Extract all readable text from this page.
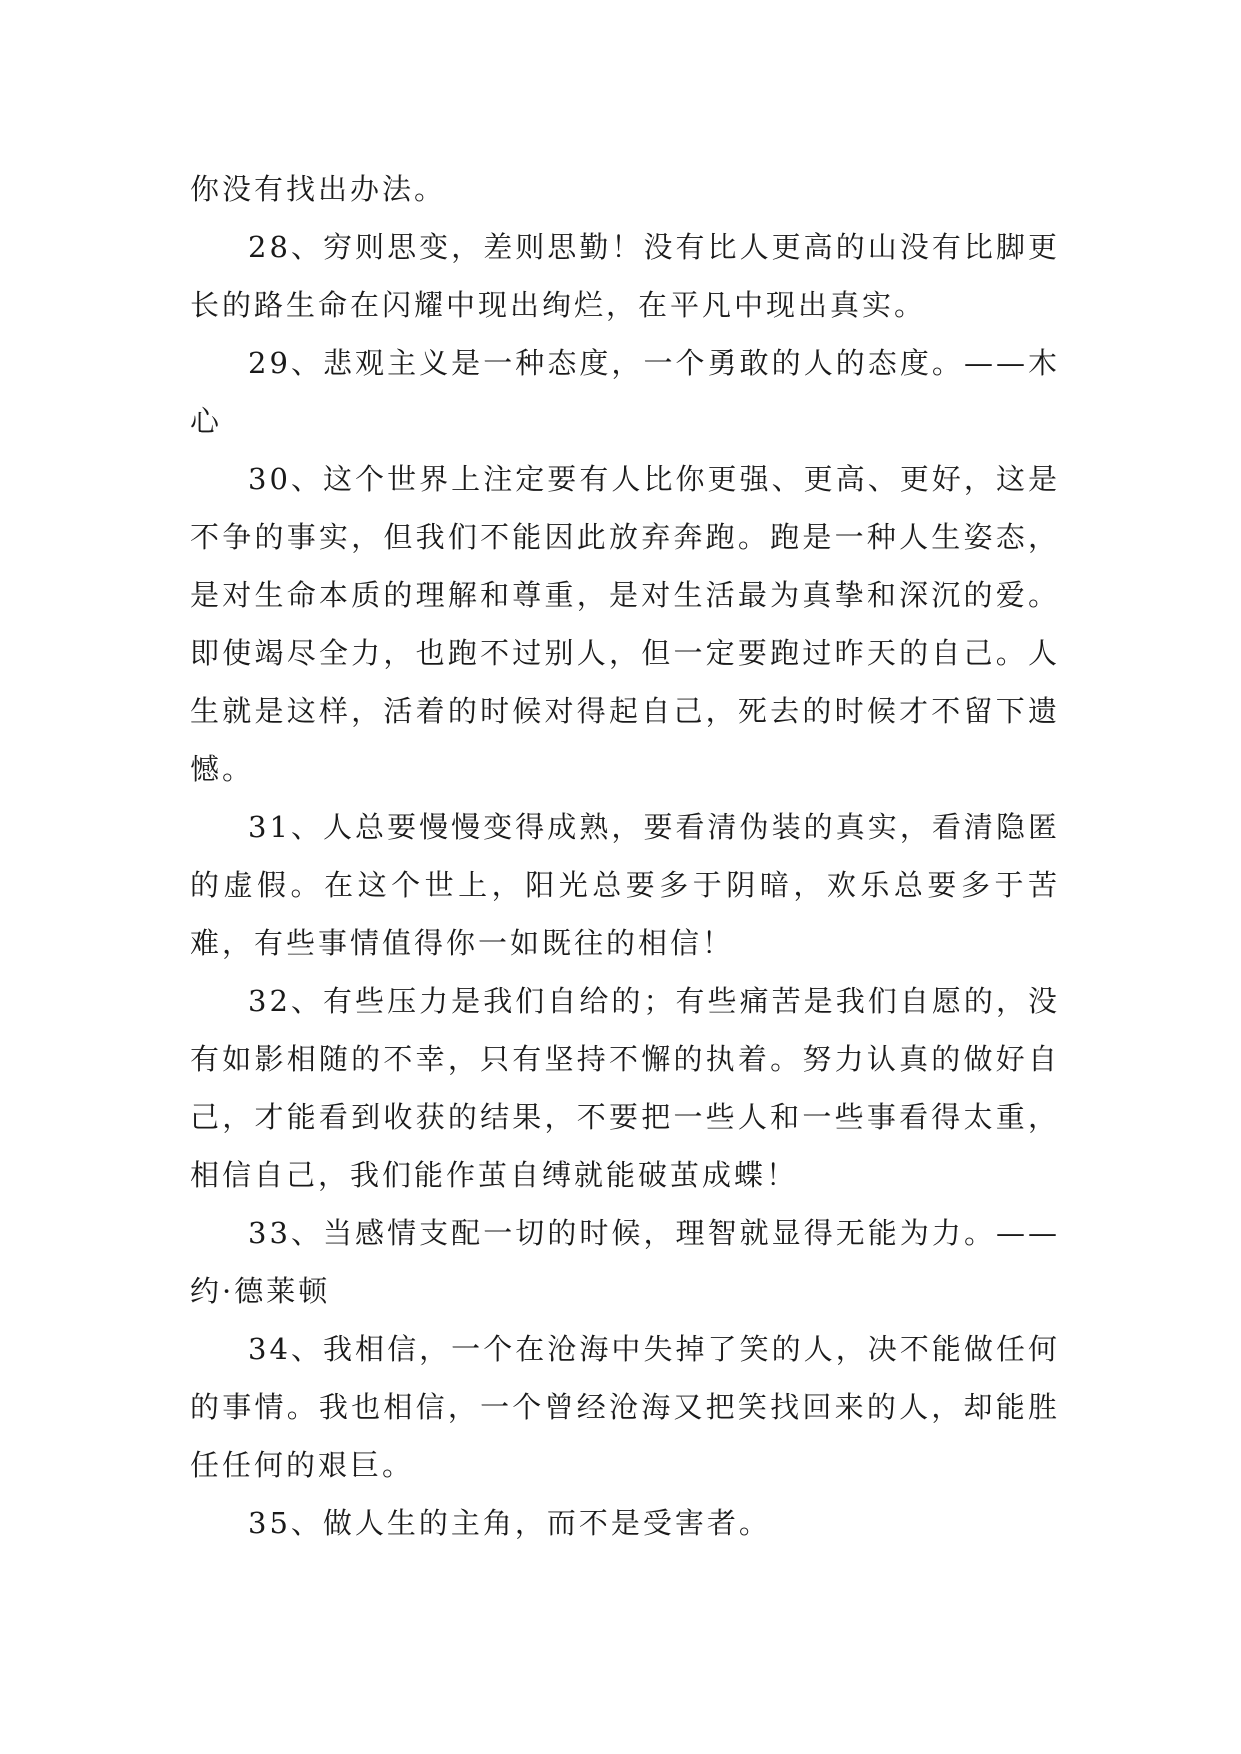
你没有找出办法。

28、穷则思变，差则思勤！没有比人更高的山没有比脚更长的路生命在闪耀中现出绚烂，在平凡中现出真实。

29、悲观主义是一种态度，一个勇敢的人的态度。——木心

30、这个世界上注定要有人比你更强、更高、更好，这是不争的事实，但我们不能因此放弃奔跑。跑是一种人生姿态，是对生命本质的理解和尊重，是对生活最为真挚和深沉的爱。即使竭尽全力，也跑不过别人，但一定要跑过昨天的自己。人生就是这样，活着的时候对得起自己，死去的时候才不留下遗憾。

31、人总要慢慢变得成熟，要看清伪装的真实，看清隐匿的虚假。在这个世上，阳光总要多于阴暗，欢乐总要多于苦难，有些事情值得你一如既往的相信！

32、有些压力是我们自给的；有些痛苦是我们自愿的，没有如影相随的不幸，只有坚持不懈的执着。努力认真的做好自己，才能看到收获的结果，不要把一些人和一些事看得太重，相信自己，我们能作茧自缚就能破茧成蝶！

33、当感情支配一切的时候，理智就显得无能为力。——约·德莱顿

34、我相信，一个在沧海中失掉了笑的人，决不能做任何的事情。我也相信，一个曾经沧海又把笑找回来的人，却能胜任任何的艰巨。

35、做人生的主角，而不是受害者。
